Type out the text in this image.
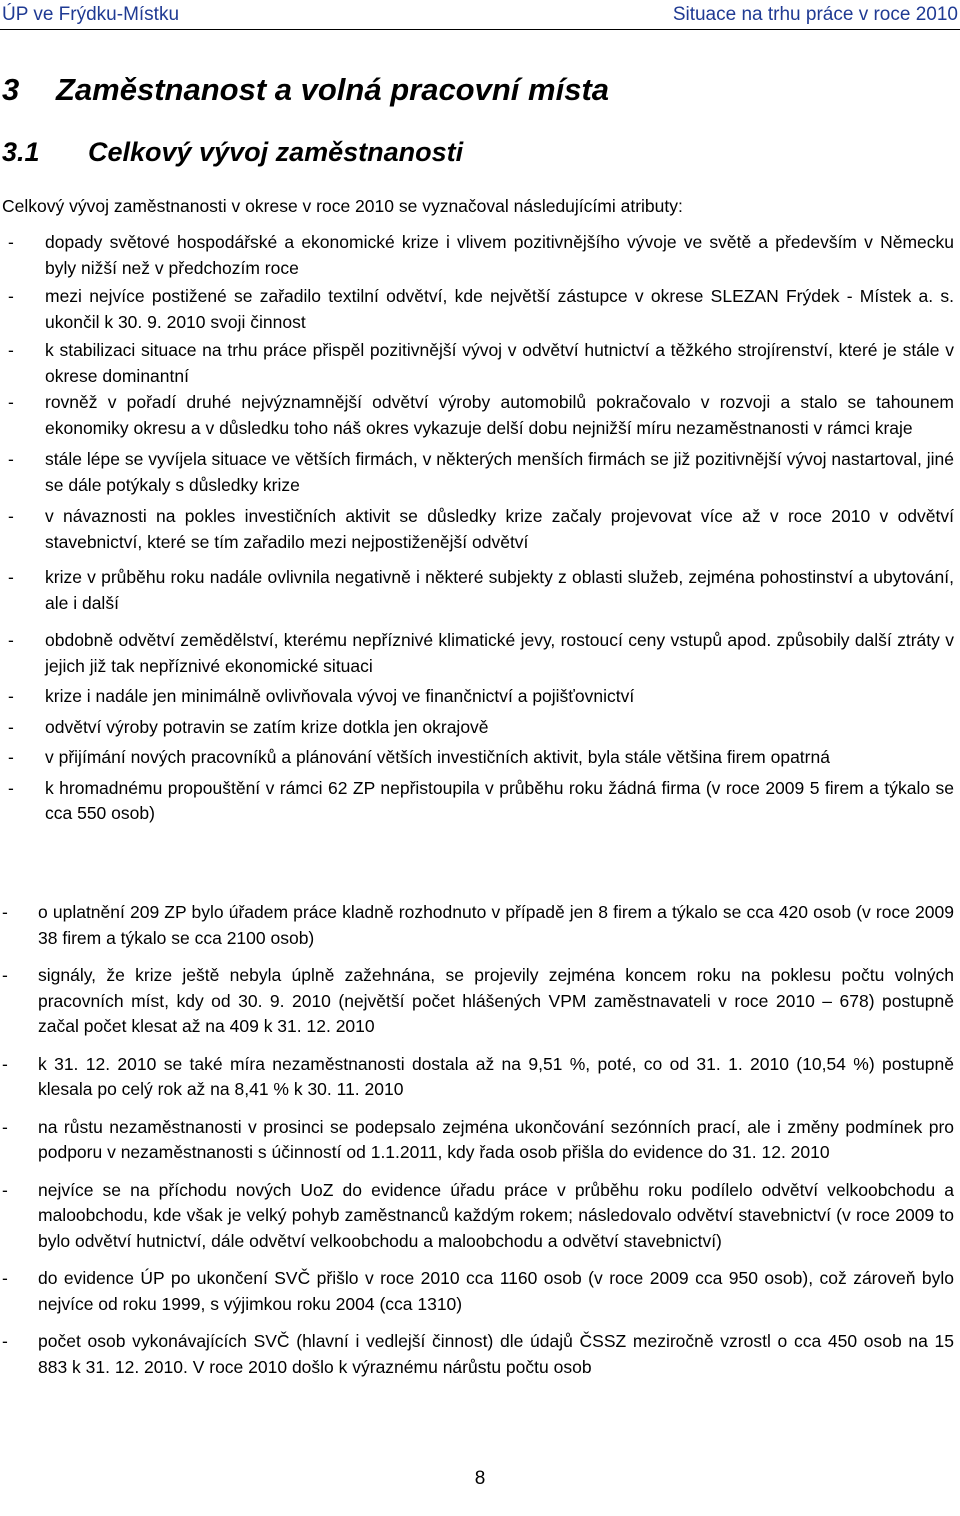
ÚP ve Frýdku-Místku	Situace na trhu práce v roce 2010
3 Zaměstnanost a volná pracovní místa
3.1 Celkový vývoj zaměstnanosti
Celkový vývoj zaměstnanosti v okrese v roce 2010 se vyznačoval následujícími atributy:
- dopady světové hospodářské a ekonomické krize i vlivem pozitivnějšího vývoje ve světě a především v Německu byly nižší než v předchozím roce
- mezi nejvíce postižené se zařadilo textilní odvětví, kde největší zástupce v okrese SLEZAN Frýdek - Místek a. s. ukončil k 30. 9. 2010 svoji činnost
- k stabilizaci situace na trhu práce přispěl pozitivnější vývoj v odvětví hutnictví a těžkého strojírenství, které je stále v okrese dominantní
- rovněž v pořadí druhé nejvýznamnější odvětví výroby automobilů pokračovalo v rozvoji a stalo se tahounem ekonomiky okresu a v důsledku toho náš okres vykazuje delší dobu nejnižší míru nezaměstnanosti v rámci kraje
- stále lépe se vyvíjela situace ve větších firmách, v některých menších firmách se již pozitivnější vývoj nastartoval, jiné se dále potýkaly s důsledky krize
- v návaznosti na pokles investičních aktivit se důsledky krize začaly projevovat více až v roce 2010 v odvětví stavebnictví, které se tím zařadilo mezi nejpostiženější odvětví
- krize v průběhu roku nadále ovlivnila negativně i některé subjekty z oblasti služeb, zejména pohostinství a ubytování, ale i další
- obdobně odvětví zemědělství, kterému nepříznivé klimatické jevy, rostoucí ceny vstupů apod. způsobily další ztráty v jejich již tak nepříznivé ekonomické situaci
- krize i nadále jen minimálně ovlivňovala vývoj ve finančnictví a pojišťovnictví
- odvětví výroby potravin se zatím krize dotkla jen okrajově
- v přijímání nových pracovníků a plánování větších investičních aktivit, byla stále většina firem opatrná
- k hromadnému propouštění v rámci 62 ZP nepřistoupila v průběhu roku žádná firma (v roce 2009 5 firem a týkalo se cca 550 osob)
- o uplatnění 209 ZP bylo úřadem práce kladně rozhodnuto v případě jen 8 firem a týkalo se cca 420 osob (v roce 2009 38 firem a týkalo se cca 2100 osob)
- signály, že krize ještě nebyla úplně zažehnána, se projevily zejména koncem roku na poklesu počtu volných pracovních míst, kdy od 30. 9. 2010 (největší počet hlášených VPM zaměstnavateli v roce 2010 – 678) postupně začal počet klesat až na 409 k 31. 12. 2010
- k 31. 12. 2010 se také míra nezaměstnanosti dostala až na 9,51 %, poté, co od 31. 1. 2010 (10,54 %) postupně klesala po celý rok až na 8,41 % k 30. 11. 2010
- na růstu nezaměstnanosti v prosinci se podepsalo zejména ukončování sezónních prací, ale i změny podmínek pro podporu v nezaměstnanosti s účinností od 1.1.2011, kdy řada osob přišla do evidence do 31. 12. 2010
- nejvíce se na příchodu nových UoZ do evidence úřadu práce v průběhu roku podílelo odvětví velkoobchodu a maloobchodu, kde však je velký pohyb zaměstnanců každým rokem; následovalo odvětví stavebnictví (v roce 2009 to bylo odvětví hutnictví, dále odvětví velkoobchodu a maloobchodu a odvětví stavebnictví)
- do evidence ÚP po ukončení SVČ přišlo v roce 2010 cca 1160 osob (v roce 2009 cca 950 osob), což zároveň bylo nejvíce od roku 1999, s výjimkou roku 2004 (cca 1310)
- počet osob vykonávajících SVČ (hlavní i vedlejší činnost) dle údajů ČSSZ meziročně vzrostl o cca 450 osob na 15 883 k 31. 12. 2010. V roce 2010 došlo k výraznému nárůstu počtu osob
8
